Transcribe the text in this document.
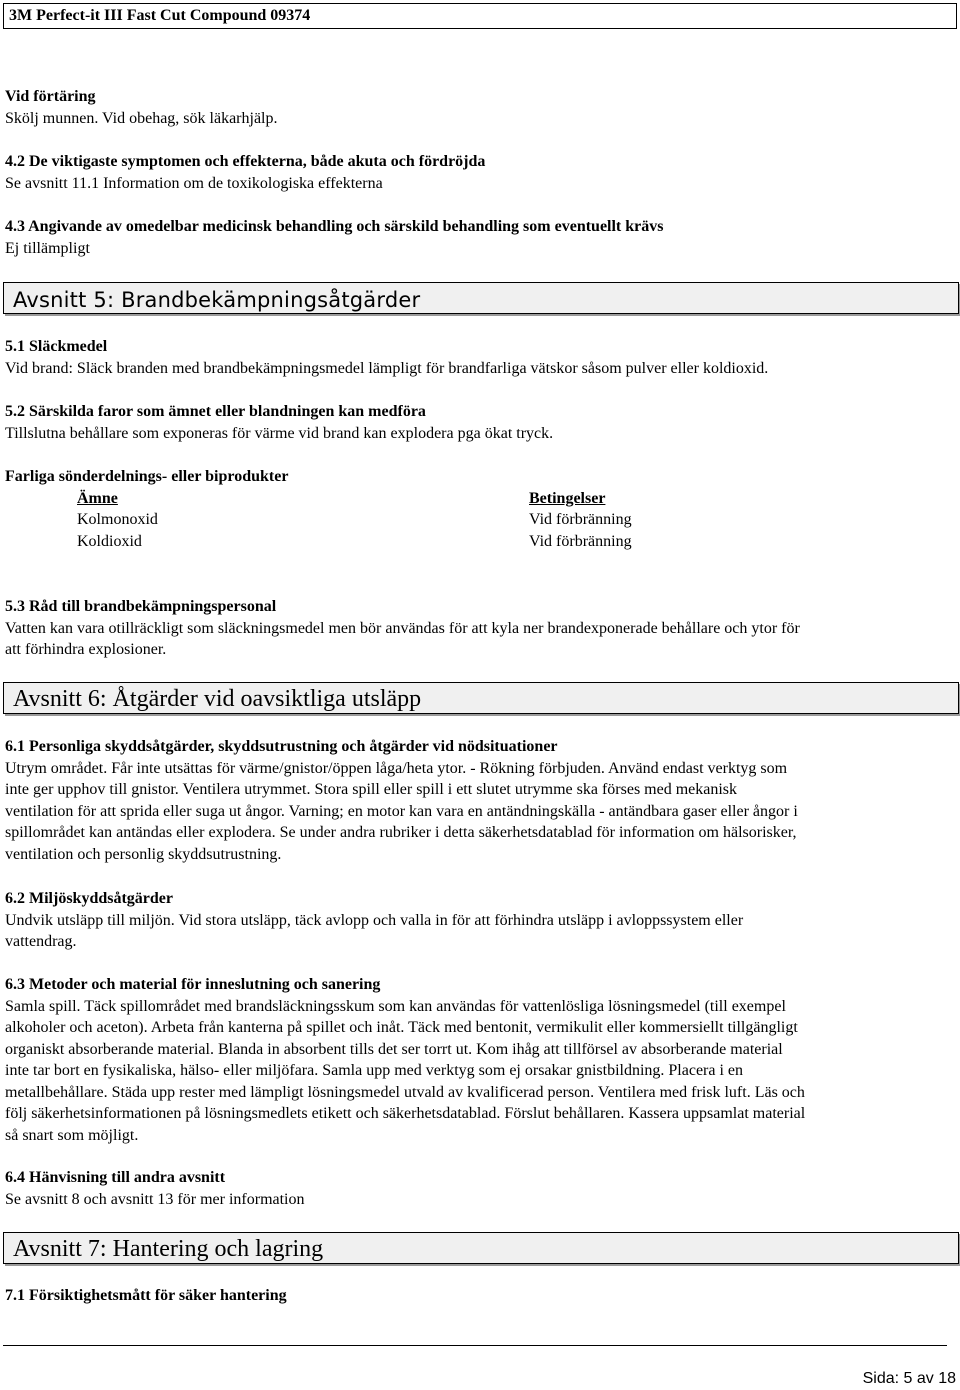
3M Perfect-it III Fast Cut Compound 09374
Vid förtäring
Skölj munnen. Vid obehag, sök läkarhjälp.
4.2 De viktigaste symptomen och effekterna, både akuta och fördröjda
Se avsnitt 11.1 Information om de toxikologiska effekterna
4.3 Angivande av omedelbar medicinsk behandling och särskild behandling som eventuellt krävs
Ej tillämpligt
Avsnitt 5: Brandbekämpningsåtgärder
5.1 Släckmedel
Vid brand: Släck branden med brandbekämpningsmedel lämpligt för brandfarliga vätskor såsom pulver eller koldioxid.
5.2 Särskilda faror som ämnet eller blandningen kan medföra
Tillslutna behållare som exponeras för värme vid brand kan explodera pga ökat tryck.
Farliga sönderdelnings- eller biprodukter
Ämne	Betingelser
Kolmonoxid	Vid förbränning
Koldioxid	Vid förbränning
5.3 Råd till brandbekämpningspersonal
Vatten kan vara otillräckligt som släckningsmedel men bör användas för att kyla ner brandexponerade behållare och ytor för
att förhindra explosioner.
Avsnitt 6: Åtgärder vid oavsiktliga utsläpp
6.1 Personliga skyddsåtgärder, skyddsutrustning och åtgärder vid nödsituationer
Utrym området. Får inte utsättas för värme/gnistor/öppen låga/heta ytor. - Rökning förbjuden. Använd endast verktyg som
inte ger upphov till gnistor. Ventilera utrymmet. Stora spill eller spill i ett slutet utrymme ska förses med mekanisk
ventilation för att sprida eller suga ut ångor. Varning; en motor kan vara en antändningskälla - antändbara gaser eller ångor i
spillområdet kan antändas eller explodera. Se under andra rubriker i detta säkerhetsdatablad för information om hälsorisker,
ventilation och personlig skyddsutrustning.
6.2 Miljöskyddsåtgärder
Undvik utsläpp till miljön. Vid stora utsläpp, täck avlopp och valla in för att förhindra utsläpp i avloppssystem eller
vattendrag.
6.3 Metoder och material för inneslutning och sanering
Samla spill. Täck spillområdet med brandsläckningsskum som kan användas för vattenlösliga lösningsmedel (till exempel
alkoholer och aceton). Arbeta från kanterna på spillet och inåt. Täck med bentonit, vermikulit eller kommersiellt tillgängligt
organiskt absorberande material. Blanda in absorbent tills det ser torrt ut. Kom ihåg att tillförsel av absorberande material
inte tar bort en fysikaliska, hälso- eller miljöfara. Samla upp med verktyg som ej orsakar gnistbildning. Placera i en
metallbehållare. Städa upp rester med lämpligt lösningsmedel utvald av kvalificerad person. Ventilera med frisk luft. Läs och
följ säkerhetsinformationen på lösningsmedlets etikett och säkerhetsdatablad. Förslut behållaren. Kassera uppsamlat material
så snart som möjligt.
6.4 Hänvisning till andra avsnitt
Se avsnitt 8 och avsnitt 13 för mer information
Avsnitt 7: Hantering och lagring
7.1 Försiktighetsmått för säker hantering
Sida: 5 av 18
